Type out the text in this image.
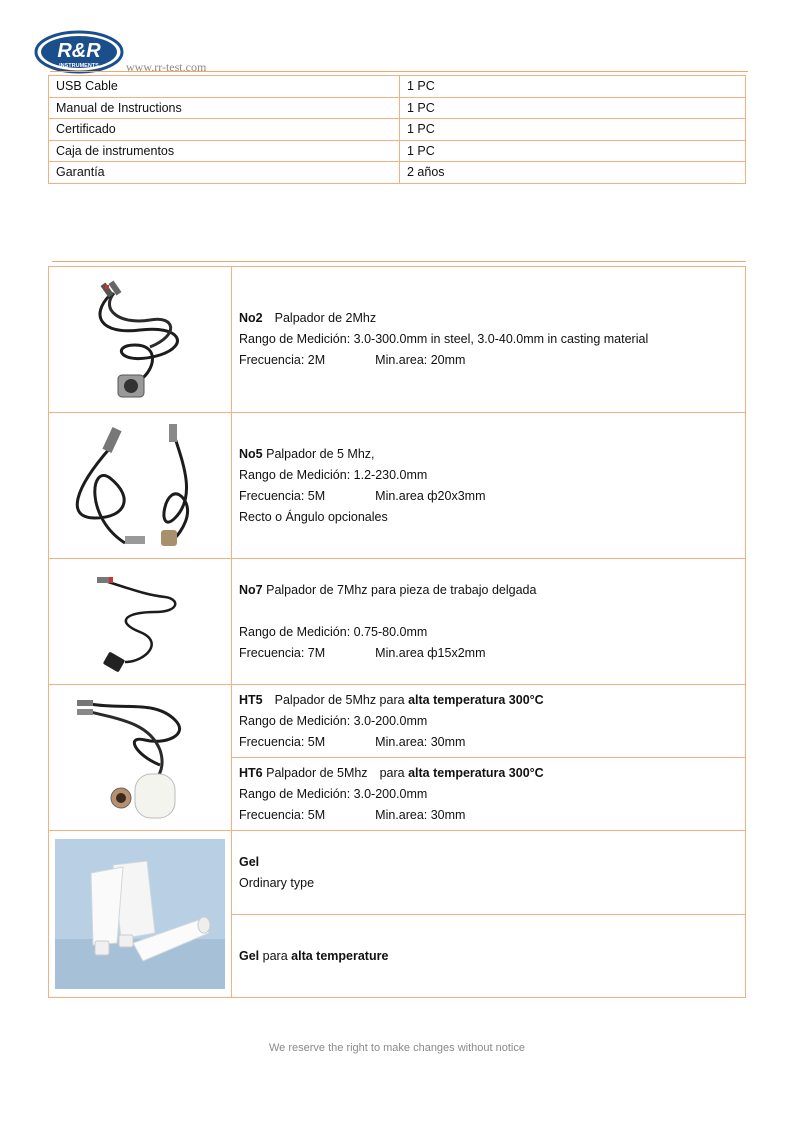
R&R
INSTRUMENTS www.rr-test.com
USB Cable	1 PC
Manual de Instructions	1 PC
Certificado	1 PC
Caja de instrumentos	1 PC
Garantía	2 años

No2 Palpador de 2Mhz
Rango de Medición: 3.0-300.0mm in steel, 3.0-40.0mm in casting material
Frecuencia: 2M Min.area: 20mm

No5 Palpador de 5 Mhz,
Rango de Medición: 1.2-230.0mm
Frecuencia: 5M Min.area ф20x3mm
Recto o Ángulo opcionales

No7 Palpador de 7Mhz para pieza de trabajo delgada

Rango de Medición: 0.75-80.0mm
Frecuencia: 7M Min.area ф15x2mm

HT5 Palpador de 5Mhz para alta temperatura 300°C
Rango de Medición: 3.0-200.0mm
Frecuencia: 5M Min.area: 30mm

	HT6 Palpador de 5Mhz para alta temperatura 300°C
Rango de Medición: 3.0-200.0mm
Frecuencia: 5M Min.area: 30mm

Gel
Ordinary type

	Gel para alta temperature
We reserve the right to make changes without notice
